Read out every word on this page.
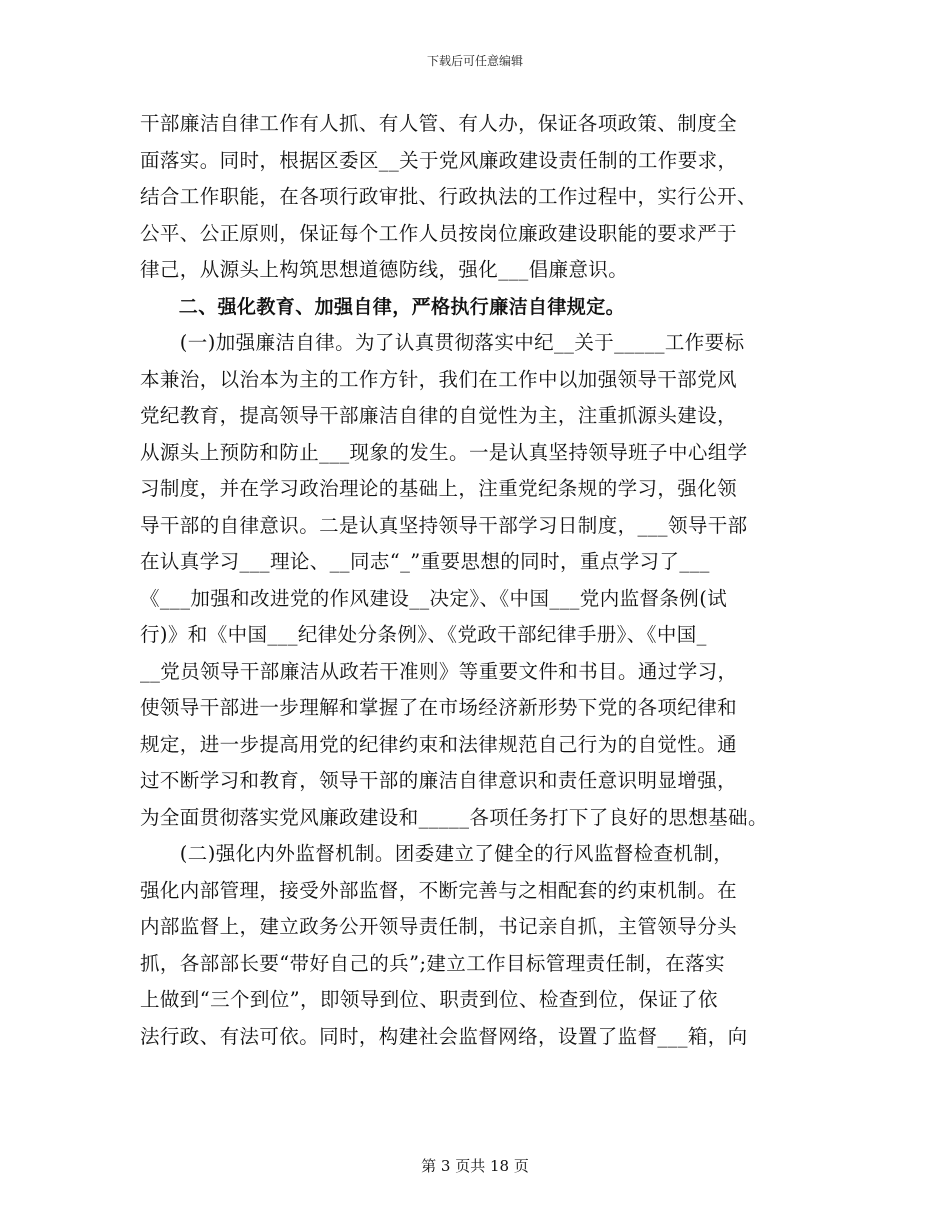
下载后可任意编辑
干部廉洁自律工作有人抓、有人管、有人办，保证各项政策、制度全
面落实。同时，根据区委区__关于党风廉政建设责任制的工作要求，
结合工作职能，在各项行政审批、行政执法的工作过程中，实行公开、
公平、公正原则，保证每个工作人员按岗位廉政建设职能的要求严于
律己，从源头上构筑思想道德防线，强化___倡廉意识。
　　二、强化教育、加强自律，严格执行廉洁自律规定。
　　(一)加强廉洁自律。为了认真贯彻落实中纪__关于_____工作要标
本兼治，以治本为主的工作方针，我们在工作中以加强领导干部党风
党纪教育，提高领导干部廉洁自律的自觉性为主，注重抓源头建设，
从源头上预防和防止___现象的发生。一是认真坚持领导班子中心组学
习制度，并在学习政治理论的基础上，注重党纪条规的学习，强化领
导干部的自律意识。二是认真坚持领导干部学习日制度，___领导干部
在认真学习___理论、__同志“_”重要思想的同时，重点学习了___
《___加强和改进党的作风建设__决定》、《中国___党内监督条例(试
行)》和《中国___纪律处分条例》、《党政干部纪律手册》、《中国_
__党员领导干部廉洁从政若干准则》等重要文件和书目。通过学习，
使领导干部进一步理解和掌握了在市场经济新形势下党的各项纪律和
规定，进一步提高用党的纪律约束和法律规范自己行为的自觉性。通
过不断学习和教育，领导干部的廉洁自律意识和责任意识明显增强，
为全面贯彻落实党风廉政建设和_____各项任务打下了良好的思想基础。
　　(二)强化内外监督机制。团委建立了健全的行风监督检查机制，
强化内部管理，接受外部监督，不断完善与之相配套的约束机制。在
内部监督上，建立政务公开领导责任制，书记亲自抓，主管领导分头
抓，各部部长要“带好自己的兵”;建立工作目标管理责任制，在落实
上做到“三个到位”，即领导到位、职责到位、检查到位，保证了依
法行政、有法可依。同时，构建社会监督网络，设置了监督___箱，向
第 3 页共 18 页
